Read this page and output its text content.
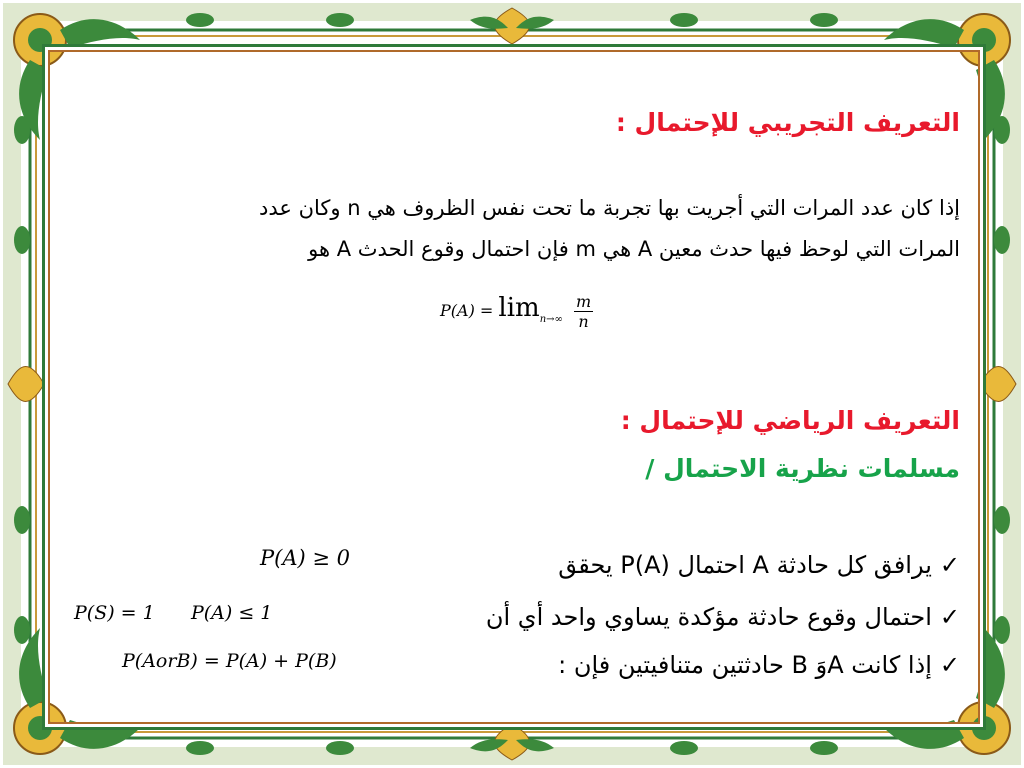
التعريف التجريبي للإحتمال :

إذا كان عدد المرات التي أجريت بها تجربة ما تحت نفس الظروف هي n وكان عدد

المرات التي لوحظ فيها حدث معين A هي m فإن احتمال وقوع الحدث A هو

$P(A) = \lim_{n\to\infty} \frac{m}{n}$
التعريف الرياضي للإحتمال :
مسلمات نظرية الاحتمال /
✓يرافق كل حادثة A احتمال P(A) يحقق
P(A) ≥ 0
✓احتمال وقوع حادثة مؤكدة يساوي واحد أي أن
P(S) = 1      P(A) ≤ 1
✓إذا كانت Aوَ B حادثتين متنافيتين فإن :
P(AorB) = P(A) + P(B)
